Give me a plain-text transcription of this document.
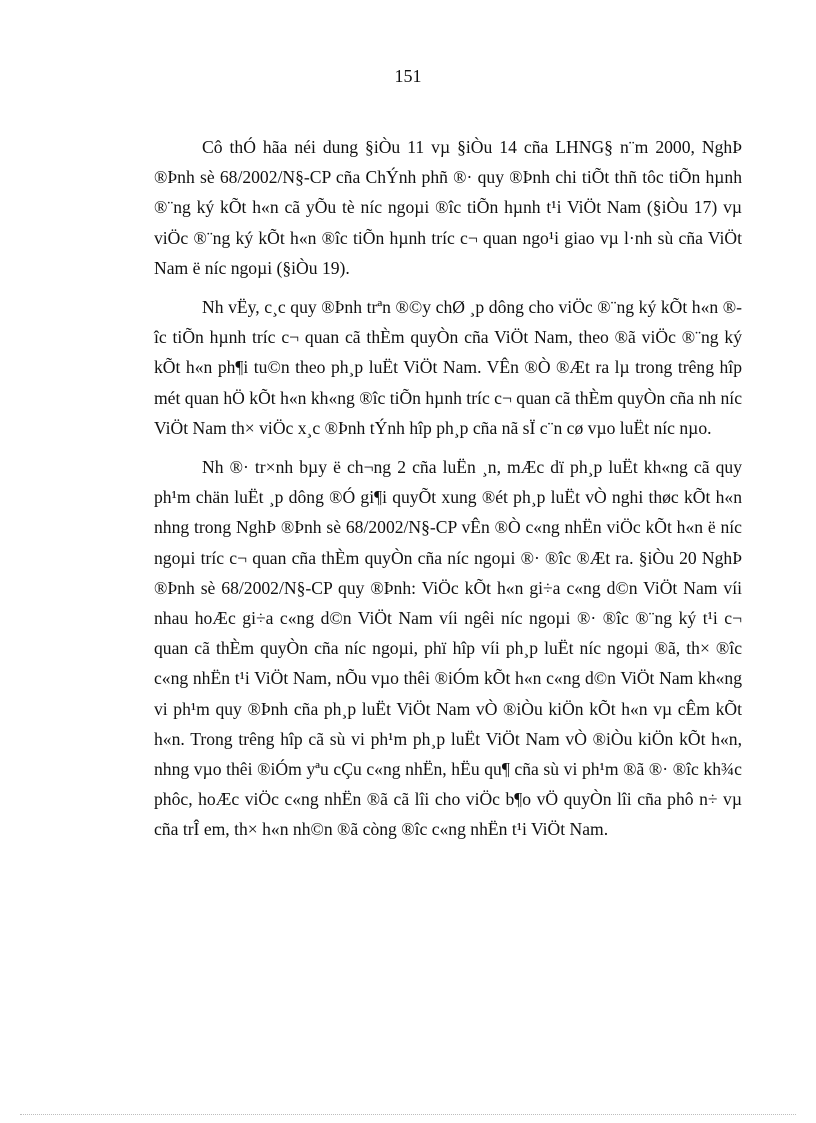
151

Cô thÓ hãa néi dung §iÒu 11 vµ §iÒu 14 cña LHNG§ n¨m 2000, NghÞ ®Þnh sè 68/2002/N§-CP cña ChÝnh phñ ®· quy ®Þnh chi tiÕt thñ tôc tiÕn hµnh ®¨ng ký kÕt h«n cã yÕu tè níc ngoµi ®îc tiÕn hµnh t¹i ViÖt Nam (§iÒu 17) vµ viÖc ®¨ng ký kÕt h«n ®îc tiÕn hµnh tríc c¬ quan ngo¹i giao vµ l·nh sù cña ViÖt Nam ë níc ngoµi (§iÒu 19).

Nh vËy, c¸c quy ®Þnh trªn ®©y chØ ¸p dông cho viÖc ®¨ng ký kÕt h«n ®îc tiÕn hµnh tríc c¬ quan cã thÈm quyÒn cña ViÖt Nam, theo ®ã viÖc ®¨ng ký kÕt h«n ph¶i tu©n theo ph¸p luËt ViÖt Nam. VÊn ®Ò ®Æt ra lµ trong trêng hîp mét quan hÖ kÕt h«n kh«ng ®îc tiÕn hµnh tríc c¬ quan cã thÈm quyÒn cña nh níc ViÖt Nam th× viÖc x¸c ®Þnh tÝnh hîp ph¸p cña nã sÏ c¨n cø vµo luËt níc nµo.

Nh ®· tr×nh bµy ë ch¬ng 2 cña luËn ¸n, mÆc dï ph¸p luËt kh«ng cã quy ph¹m chän luËt ¸p dông ®Ó gi¶i quyÕt xung ®ét ph¸p luËt vÒ nghi thøc kÕt h«n nhng trong NghÞ ®Þnh sè 68/2002/N§-CP vÊn ®Ò c«ng nhËn viÖc kÕt h«n ë níc ngoµi tríc c¬ quan cña thÈm quyÒn cña níc ngoµi ®· ®îc ®Æt ra. §iÒu 20 NghÞ ®Þnh sè 68/2002/N§-CP quy ®Þnh: ViÖc kÕt h«n gi÷a c«ng d©n ViÖt Nam víi nhau hoÆc gi÷a c«ng d©n ViÖt Nam víi ngêi níc ngoµi ®· ®îc ®¨ng ký t¹i c¬ quan cã thÈm quyÒn cña níc ngoµi, phï hîp víi ph¸p luËt níc ngoµi ®ã, th× ®îc c«ng nhËn t¹i ViÖt Nam, nÕu vµo thêi ®iÓm kÕt h«n c«ng d©n ViÖt Nam kh«ng vi ph¹m quy ®Þnh cña ph¸p luËt ViÖt Nam vÒ ®iÒu kiÖn kÕt h«n vµ cÊm kÕt h«n. Trong trêng hîp cã sù vi ph¹m ph¸p luËt ViÖt Nam vÒ ®iÒu kiÖn kÕt h«n, nhng vµo thêi ®iÓm yªu cÇu c«ng nhËn, hËu qu¶ cña sù vi ph¹m ®ã ®· ®îc kh¾c phôc, hoÆc viÖc c«ng nhËn ®ã cã lîi cho viÖc b¶o vÖ quyÒn lîi cña phô n÷ vµ cña trÎ em, th× h«n nh©n ®ã còng ®îc c«ng nhËn t¹i ViÖt Nam.
